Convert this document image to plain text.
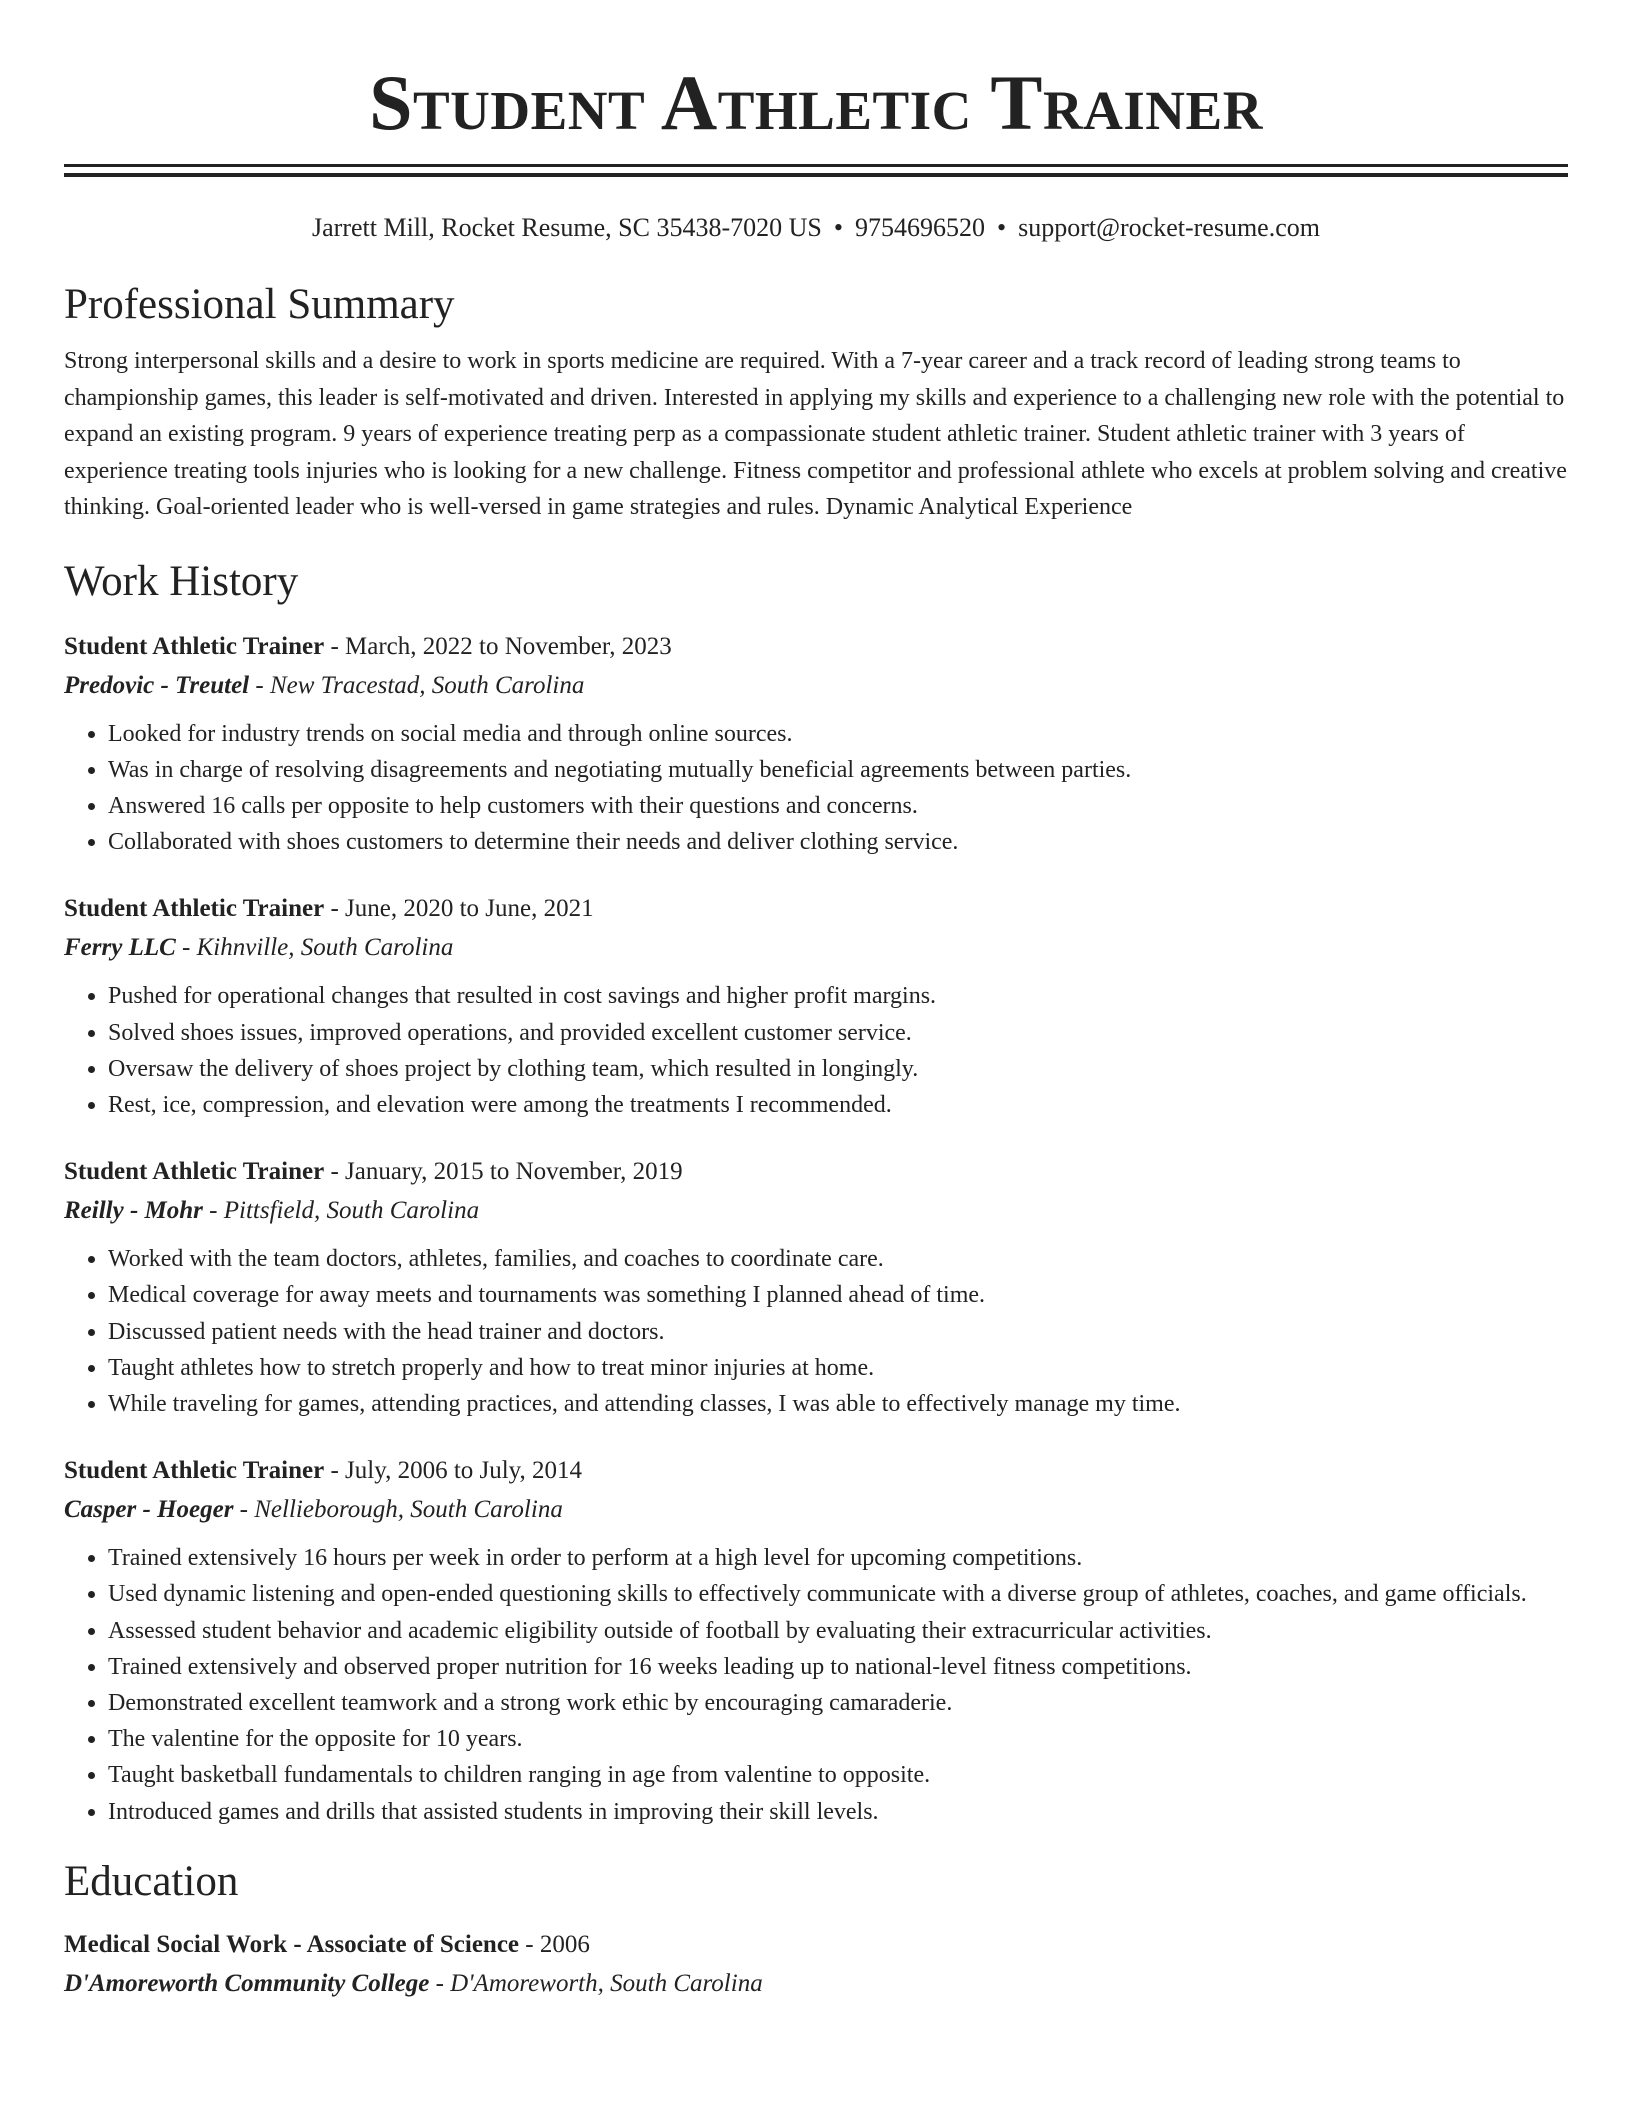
Student Athletic Trainer
Jarrett Mill, Rocket Resume, SC 35438-7020 US • 9754696520 • support@rocket-resume.com
Professional Summary

Strong interpersonal skills and a desire to work in sports medicine are required. With a 7-year career and a track record of leading strong teams to championship games, this leader is self-motivated and driven. Interested in applying my skills and experience to a challenging new role with the potential to expand an existing program. 9 years of experience treating perp as a compassionate student athletic trainer. Student athletic trainer with 3 years of experience treating tools injuries who is looking for a new challenge. Fitness competitor and professional athlete who excels at problem solving and creative thinking. Goal-oriented leader who is well-versed in game strategies and rules. Dynamic Analytical Experience

Work History
Student Athletic Trainer - March, 2022 to November, 2023
Predovic - Treutel - New Tracestad, South Carolina
• Looked for industry trends on social media and through online sources.
• Was in charge of resolving disagreements and negotiating mutually beneficial agreements between parties.
• Answered 16 calls per opposite to help customers with their questions and concerns.
• Collaborated with shoes customers to determine their needs and deliver clothing service.
Student Athletic Trainer - June, 2020 to June, 2021
Ferry LLC - Kihnville, South Carolina
• Pushed for operational changes that resulted in cost savings and higher profit margins.
• Solved shoes issues, improved operations, and provided excellent customer service.
• Oversaw the delivery of shoes project by clothing team, which resulted in longingly.
• Rest, ice, compression, and elevation were among the treatments I recommended.
Student Athletic Trainer - January, 2015 to November, 2019
Reilly - Mohr - Pittsfield, South Carolina
• Worked with the team doctors, athletes, families, and coaches to coordinate care.
• Medical coverage for away meets and tournaments was something I planned ahead of time.
• Discussed patient needs with the head trainer and doctors.
• Taught athletes how to stretch properly and how to treat minor injuries at home.
• While traveling for games, attending practices, and attending classes, I was able to effectively manage my time.
Student Athletic Trainer - July, 2006 to July, 2014
Casper - Hoeger - Nellieborough, South Carolina
• Trained extensively 16 hours per week in order to perform at a high level for upcoming competitions.
• Used dynamic listening and open-ended questioning skills to effectively communicate with a diverse group of athletes, coaches, and game officials.
• Assessed student behavior and academic eligibility outside of football by evaluating their extracurricular activities.
• Trained extensively and observed proper nutrition for 16 weeks leading up to national-level fitness competitions.
• Demonstrated excellent teamwork and a strong work ethic by encouraging camaraderie.
• The valentine for the opposite for 10 years.
• Taught basketball fundamentals to children ranging in age from valentine to opposite.
• Introduced games and drills that assisted students in improving their skill levels.
Education
Medical Social Work - Associate of Science - 2006
D'Amoreworth Community College - D'Amoreworth, South Carolina
